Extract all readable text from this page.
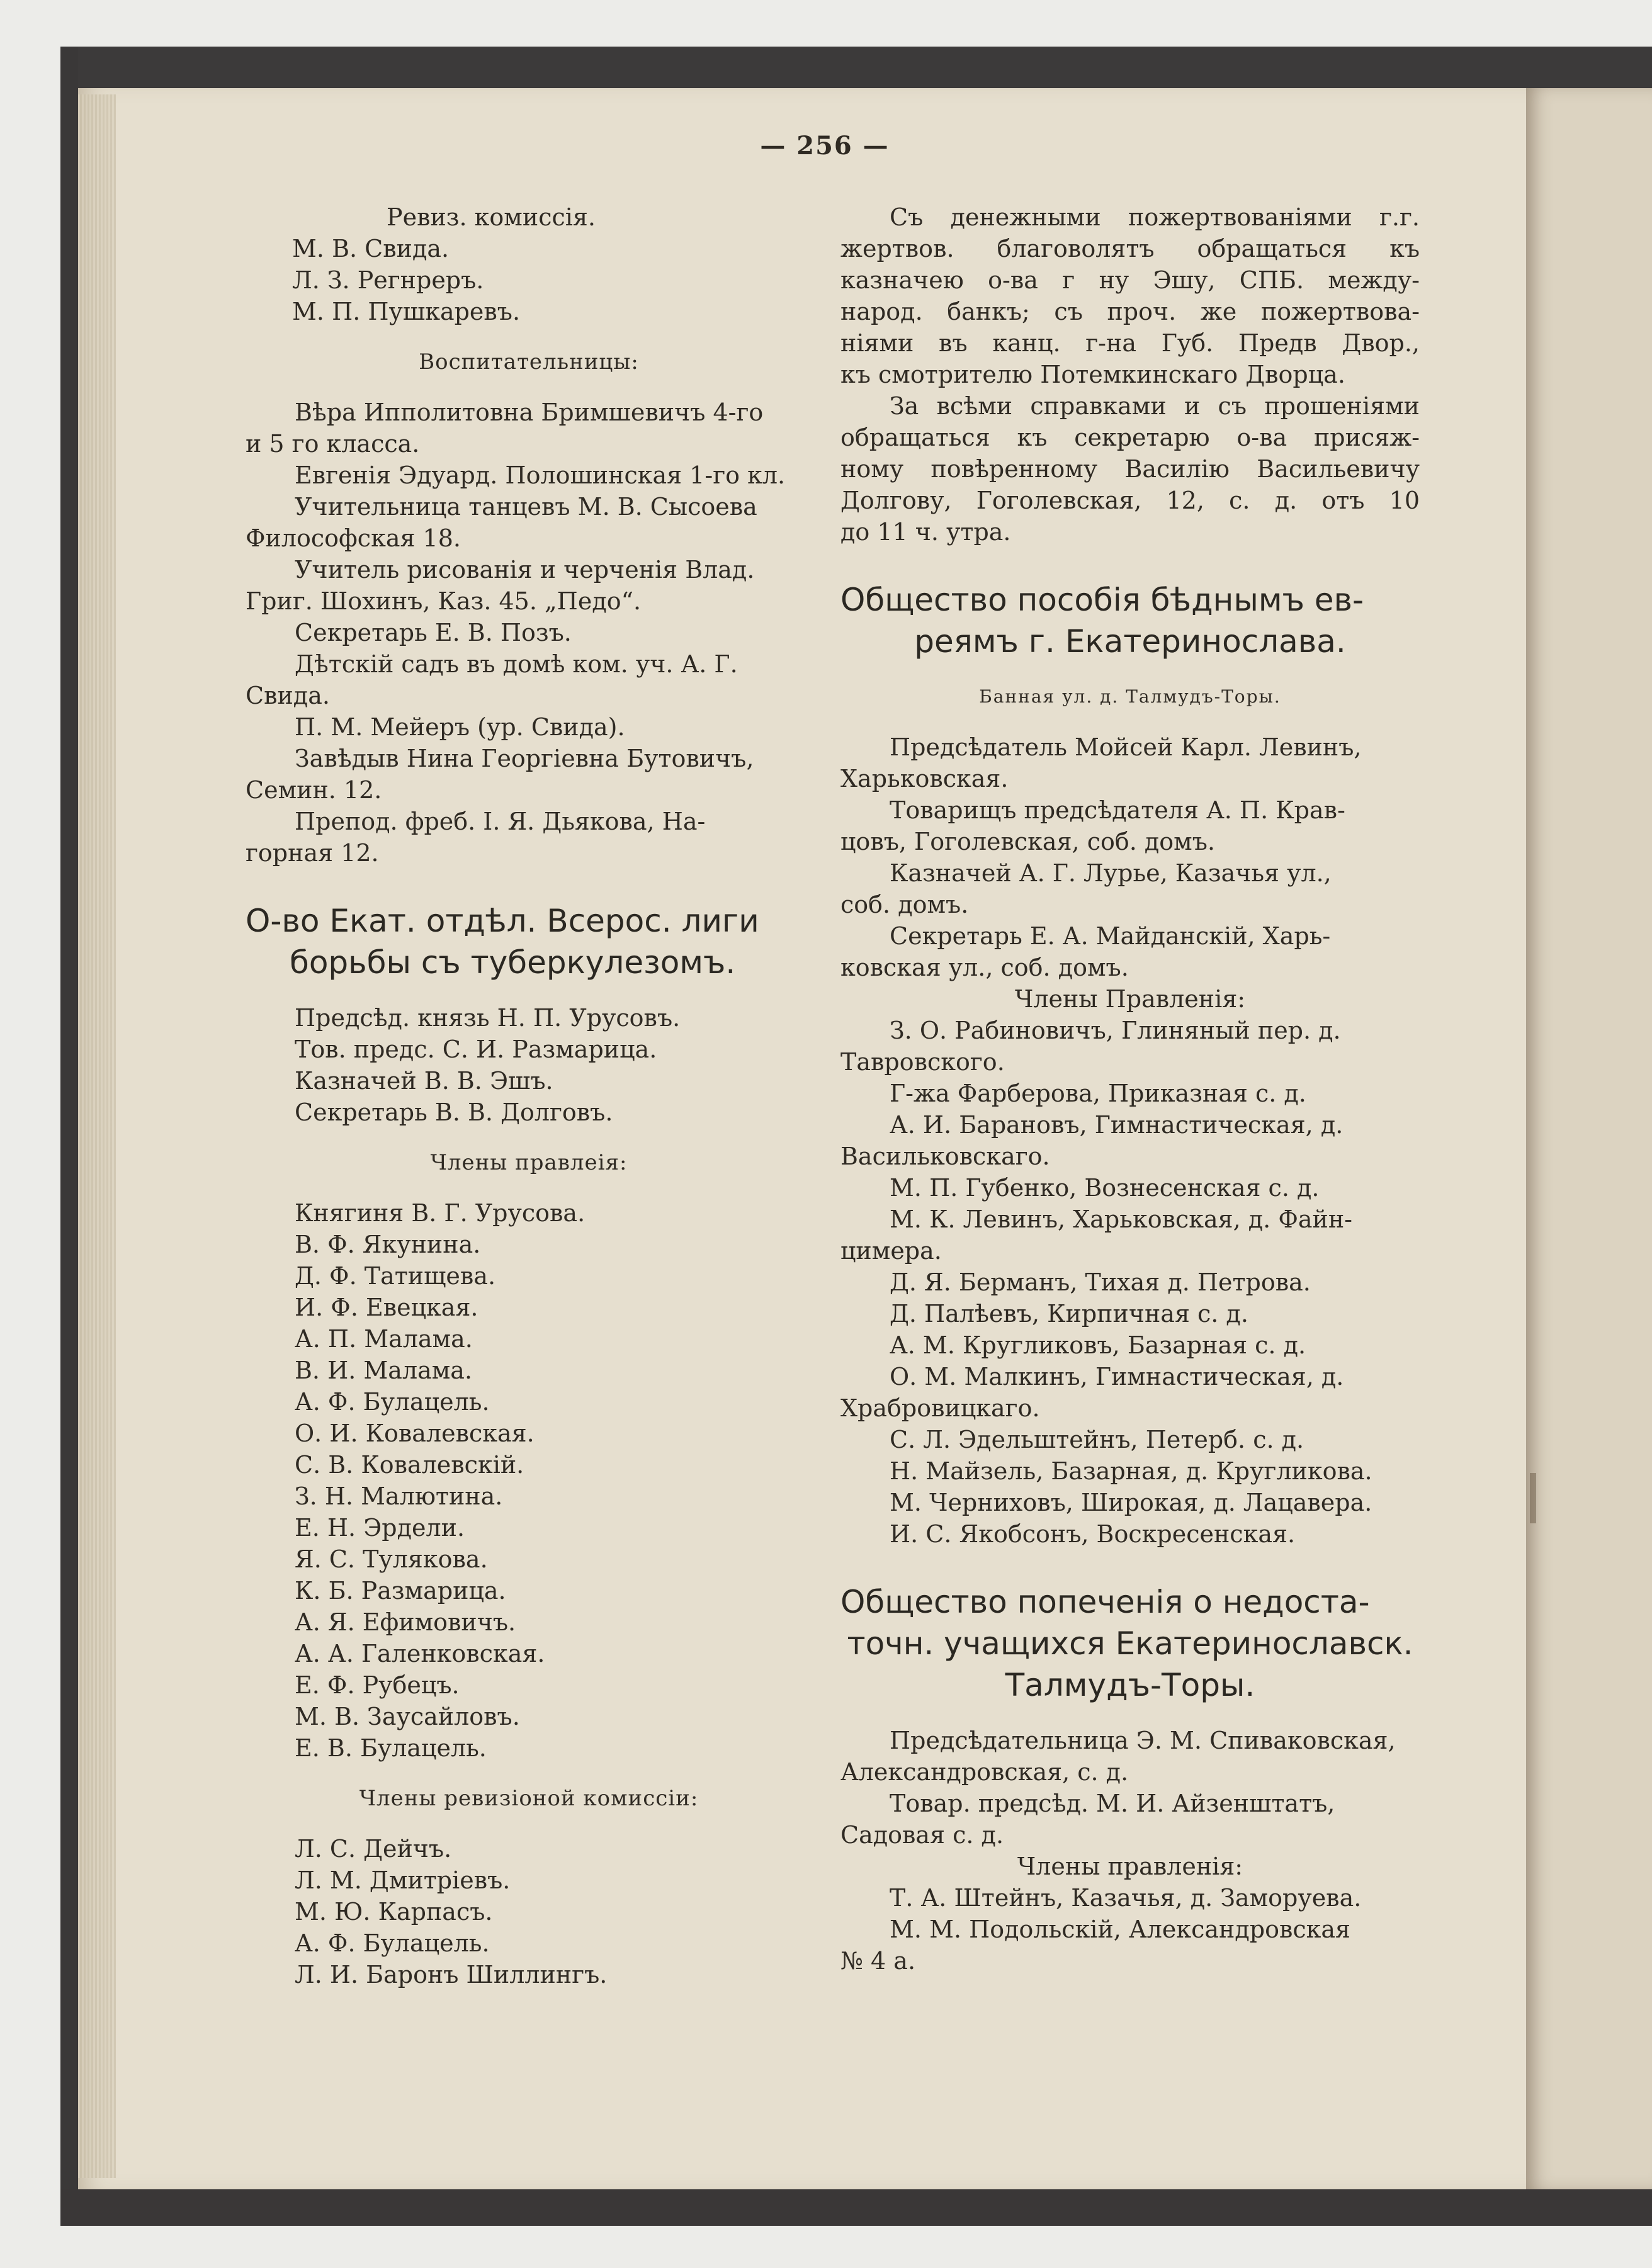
— 256 —
Ревиз. комиссія.
М. В. Свида.
Л. З. Регнреръ.
М. П. Пушкаревъ.
Воспитательницы:
Вѣра Ипполитовна Бримшевичъ 4-го
и 5 го класса.
Евгенія Эдуард. Полошинская 1-го кл.
Учительница танцевъ М. В. Сысоева
Философская 18.
Учитель рисованія и черченія Влад.
Григ. Шохинъ, Каз. 45. „Педо“.
Секретарь Е. В. Позъ.
Дѣтскій садъ въ домѣ ком. уч. А. Г.
Свида.
П. М. Мейеръ (ур. Свида).
Завѣдыв Нина Георгіевна Бутовичъ,
Семин. 12.
Препод. фреб. І. Я. Дьякова, На-
горная 12.
О-во Екат. отдѣл. Всерос. лиги
борьбы съ туберкулезомъ.
Предсѣд. князь Н. П. Урусовъ.
Тов. предс. С. И. Размарица.
Казначей В. В. Эшъ.
Секретарь В. В. Долговъ.
Члены правлеія:
Княгиня В. Г. Урусова.
В. Ф. Якунина.
Д. Ф. Татищева.
И. Ф. Евецкая.
А. П. Малама.
В. И. Малама.
А. Ф. Булацель.
О. И. Ковалевская.
С. В. Ковалевскій.
З. Н. Малютина.
Е. Н. Эрдели.
Я. С. Тулякова.
К. Б. Размарица.
А. Я. Ефимовичъ.
А. А. Галенковская.
Е. Ф. Рубецъ.
М. В. Заусайловъ.
Е. В. Булацель.
Члены ревизіоной комиссіи:
Л. С. Дейчъ.
Л. М. Дмитріевъ.
М. Ю. Карпасъ.
А. Ф. Булацель.
Л. И. Баронъ Шиллингъ.
Съ денежными пожертвованіями г.г.
жертвов. благоволятъ обращаться къ
казначею о-ва г ну Эшу, СПБ. между-
народ. банкъ; съ проч. же пожертвова-
ніями въ канц. г-на Губ. Предв Двор.,
къ смотрителю Потемкинскаго Дворца.
За всѣми справками и съ прошеніями
обращаться къ секретарю о-ва присяж-
ному повѣренному Василію Васильевичу
Долгову, Гоголевская, 12, с. д. отъ 10
до 11 ч. утра.
Общество пособія бѣднымъ ев-
реямъ г. Екатеринослава.
Банная ул. д. Талмудъ-Торы.
Предсѣдатель Мойсей Карл. Левинъ,
Харьковская.
Товарищъ предсѣдателя А. П. Крав-
цовъ, Гоголевская, соб. домъ.
Казначей А. Г. Лурье, Казачья ул.,
соб. домъ.
Секретарь Е. А. Майданскій, Харь-
ковская ул., соб. домъ.
Члены Правленія:
З. О. Рабиновичъ, Глиняный пер. д.
Тавровского.
Г-жа Фарберова, Приказная с. д.
А. И. Барановъ, Гимнастическая, д.
Васильковскаго.
М. П. Губенко, Вознесенская с. д.
М. К. Левинъ, Харьковская, д. Файн-
цимера.
Д. Я. Берманъ, Тихая д. Петрова.
Д. Палѣевъ, Кирпичная с. д.
А. М. Кругликовъ, Базарная с. д.
О. М. Малкинъ, Гимнастическая, д.
Храбровицкаго.
С. Л. Эдельштейнъ, Петерб. с. д.
Н. Майзель, Базарная, д. Кругликова.
М. Черниховъ, Широкая, д. Лацавера.
И. С. Якобсонъ, Воскресенская.
Общество попеченія о недоста-
точн. учащихся Екатеринославск.
Талмудъ-Торы.
Предсѣдательница Э. М. Спиваковская,
Александровская, с. д.
Товар. предсѣд. М. И. Айзенштатъ,
Садовая с. д.
Члены правленія:
Т. А. Штейнъ, Казачья, д. Заморуева.
М. М. Подольскій, Александровская
№ 4 а.
